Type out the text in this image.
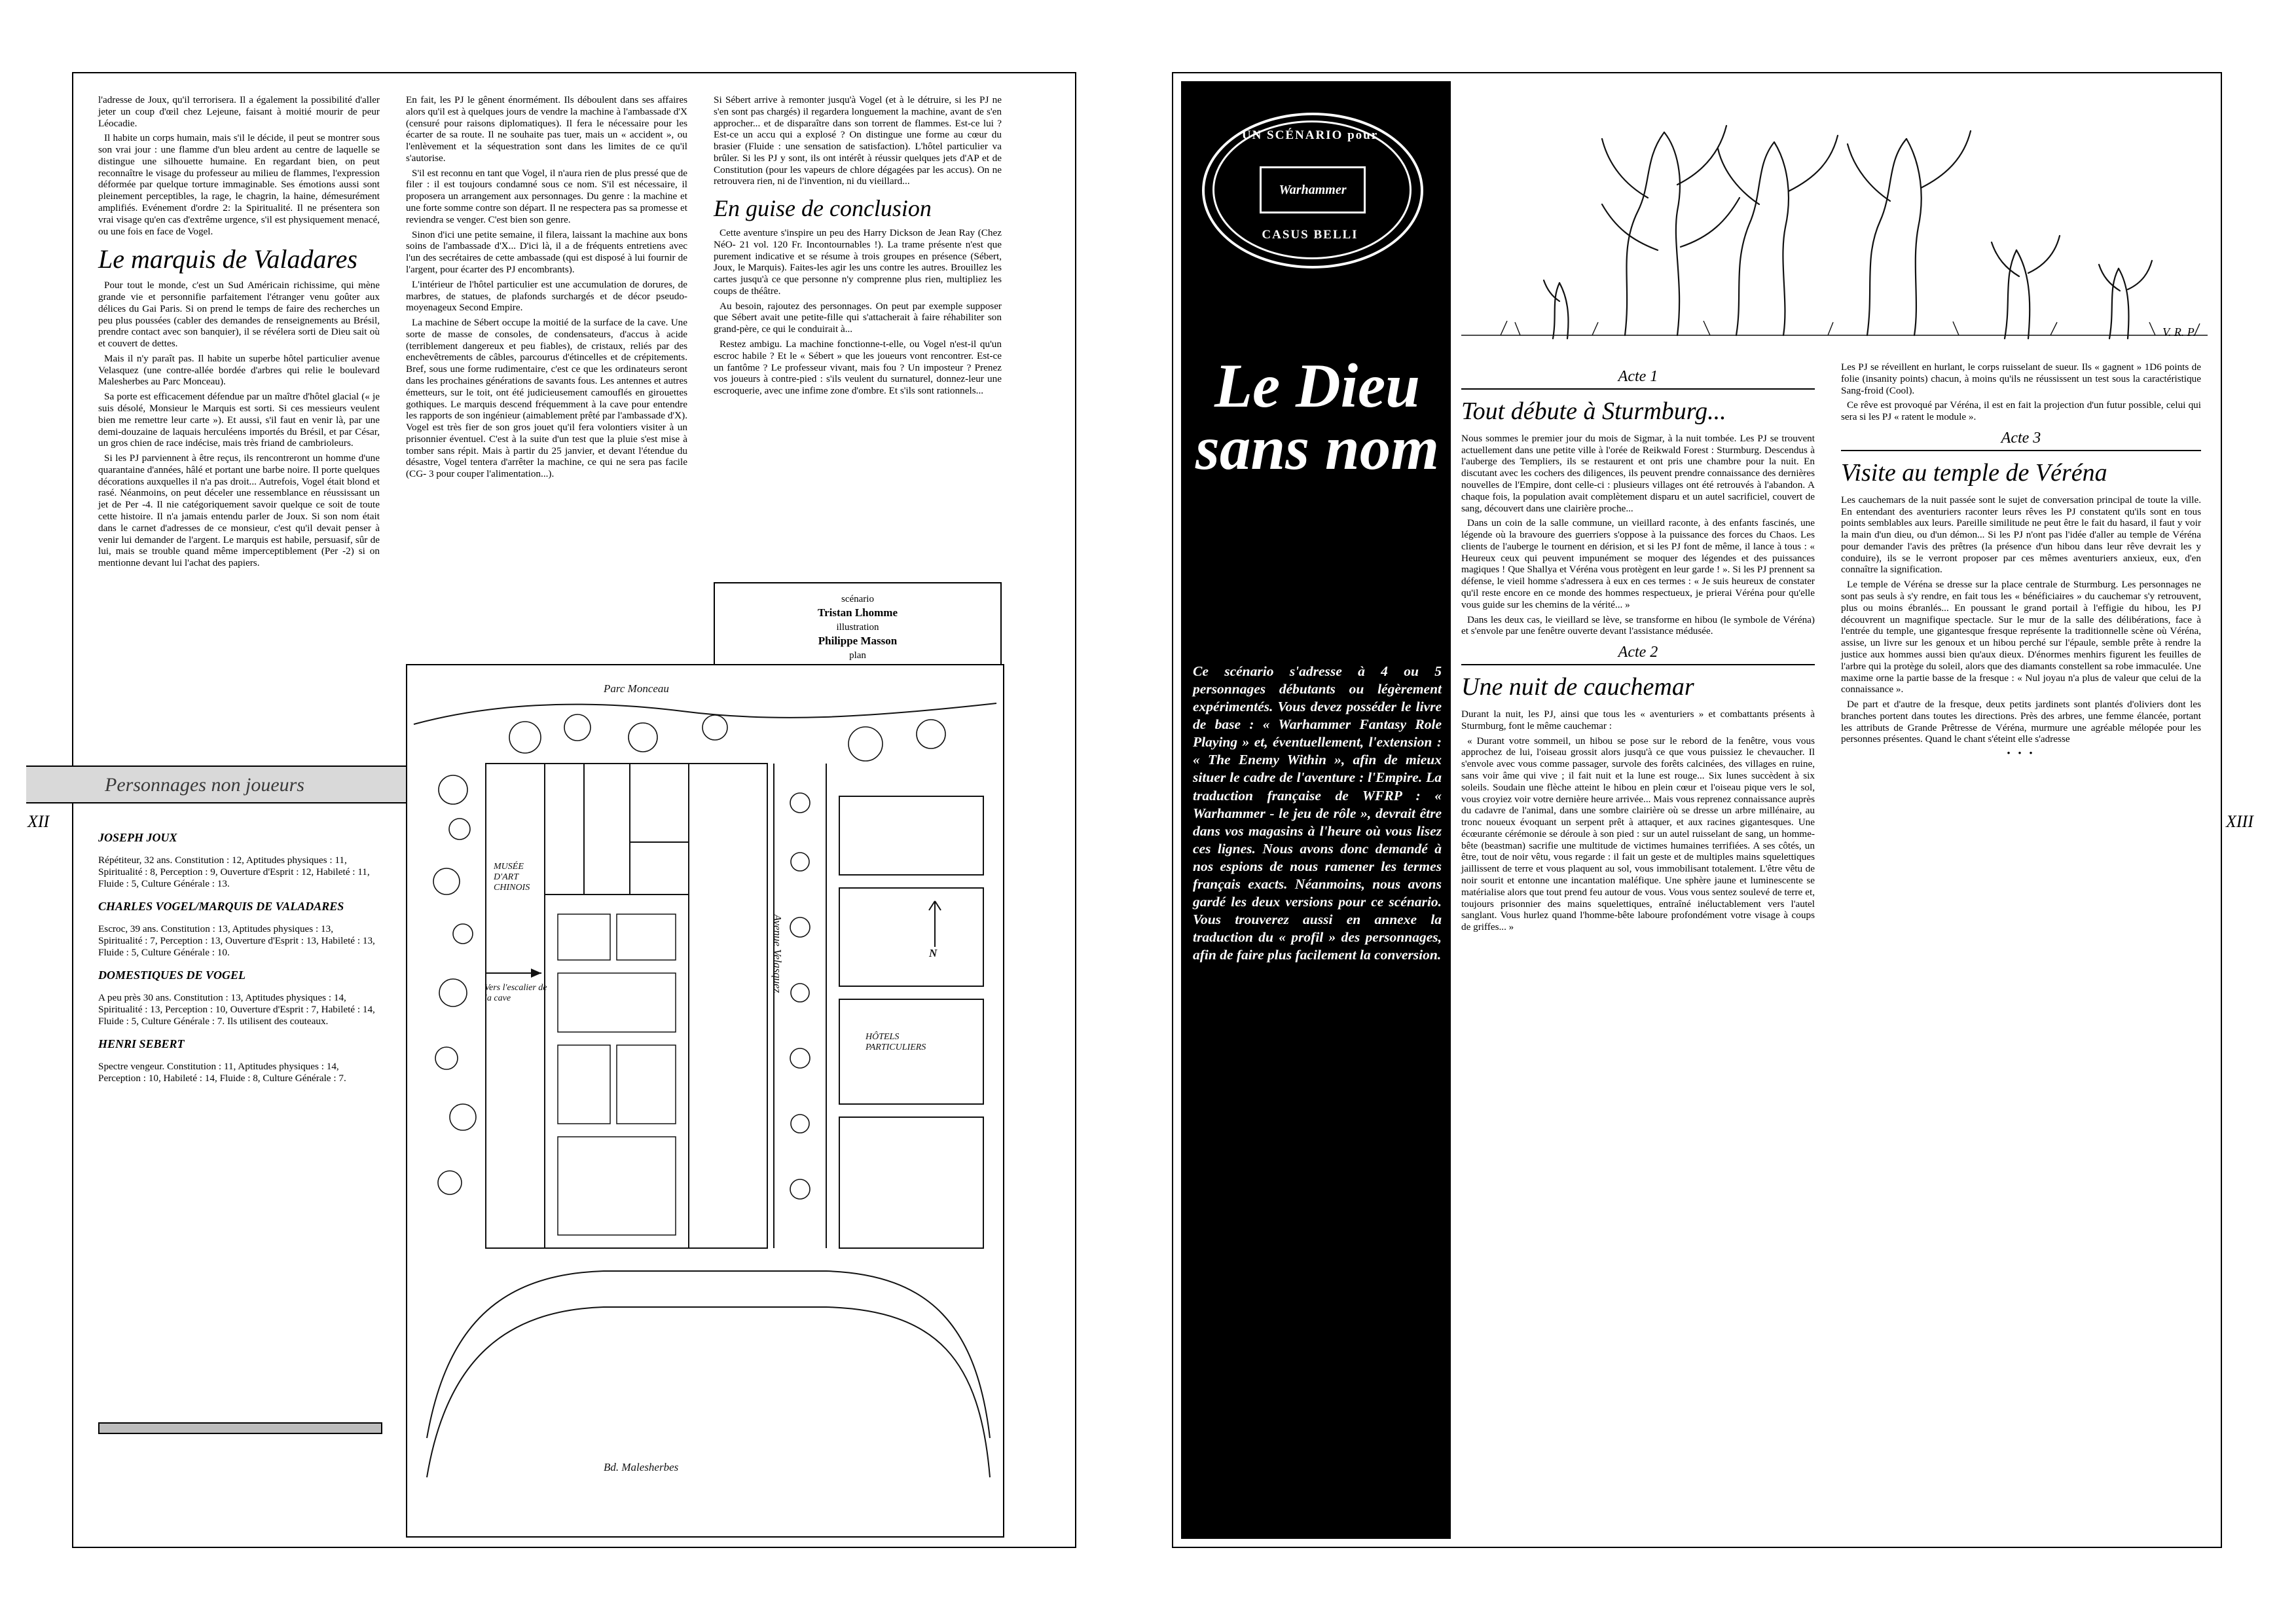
l'adresse de Joux, qu'il terrorisera. Il a également la possibilité d'aller jeter un coup d'œil chez Lejeune, faisant à moitié mourir de peur Léocadie.

Il habite un corps humain, mais s'il le décide, il peut se montrer sous son vrai jour : une flamme d'un bleu ardent au centre de laquelle se distingue une silhouette humaine. En regardant bien, on peut reconnaître le visage du professeur au milieu de flammes, l'expression déformée par quelque torture immaginable. Ses émotions aussi sont pleinement perceptibles, la rage, le chagrin, la haine, démesurément amplifiés. Evénement d'ordre 2: la Spiritualité. Il ne présentera son vrai visage qu'en cas d'extrême urgence, s'il est physiquement menacé, ou une fois en face de Vogel.

Le marquis de Valadares

Pour tout le monde, c'est un Sud Américain richissime, qui mène grande vie et personnifie parfaitement l'étranger venu goûter aux délices du Gai Paris. Si on prend le temps de faire des recherches un peu plus poussées (cabler des demandes de renseignements au Brésil, prendre contact avec son banquier), il se révélera sorti de Dieu sait où et couvert de dettes.

Mais il n'y paraît pas. Il habite un superbe hôtel particulier avenue Velasquez (une contre-allée bordée d'arbres qui relie le boulevard Malesherbes au Parc Monceau).

Sa porte est efficacement défendue par un maître d'hôtel glacial (« je suis désolé, Monsieur le Marquis est sorti. Si ces messieurs veulent bien me remettre leur carte »). Et aussi, s'il faut en venir là, par une demi-douzaine de laquais herculéens importés du Brésil, et par César, un gros chien de race indécise, mais très friand de cambrioleurs.

Si les PJ parviennent à être reçus, ils rencontreront un homme d'une quarantaine d'années, hâlé et portant une barbe noire. Il porte quelques décorations auxquelles il n'a pas droit... Autrefois, Vogel était blond et rasé. Néanmoins, on peut déceler une ressemblance en réussissant un jet de Per -4. Il nie catégoriquement savoir quelque ce soit de toute cette histoire. Il n'a jamais entendu parler de Joux. Si son nom était dans le carnet d'adresses de ce monsieur, c'est qu'il devait penser à venir lui demander de l'argent. Le marquis est habile, persuasif, sûr de lui, mais se trouble quand même imperceptiblement (Per -2) si on mentionne devant lui l'achat des papiers.

En fait, les PJ le gênent énormément. Ils déboulent dans ses affaires alors qu'il est à quelques jours de vendre la machine à l'ambassade d'X (censuré pour raisons diplomatiques). Il fera le nécessaire pour les écarter de sa route. Il ne souhaite pas tuer, mais un « accident », ou l'enlèvement et la séquestration sont dans les limites de ce qu'il s'autorise.

S'il est reconnu en tant que Vogel, il n'aura rien de plus pressé que de filer : il est toujours condamné sous ce nom. S'il est nécessaire, il proposera un arrangement aux personnages. Du genre : la machine et une forte somme contre son départ. Il ne respectera pas sa promesse et reviendra se venger. C'est bien son genre.

Sinon d'ici une petite semaine, il filera, laissant la machine aux bons soins de l'ambassade d'X... D'ici là, il a de fréquents entretiens avec l'un des secrétaires de cette ambassade (qui est disposé à lui fournir de l'argent, pour écarter des PJ encombrants).

L'intérieur de l'hôtel particulier est une accumulation de dorures, de marbres, de statues, de plafonds surchargés et de décor pseudo-moyenageux Second Empire.

La machine de Sébert occupe la moitié de la surface de la cave. Une sorte de masse de consoles, de condensateurs, d'accus à acide (terriblement dangereux et peu fiables), de cristaux, reliés par des enchevêtrements de câbles, parcourus d'étincelles et de crépitements. Bref, sous une forme rudimentaire, c'est ce que les ordinateurs seront dans les prochaines générations de savants fous. Les antennes et autres émetteurs, sur le toit, ont été judicieusement camouflés en girouettes gothiques. Le marquis descend fréquemment à la cave pour entendre les rapports de son ingénieur (aimablement prêté par l'ambassade d'X). Vogel est très fier de son gros jouet qu'il fera volontiers visiter à un prisonnier éventuel. C'est à la suite d'un test que la pluie s'est mise à tomber sans répit. Mais à partir du 25 janvier, et devant l'étendue du désastre, Vogel tentera d'arrêter la machine, ce qui ne sera pas facile (CG- 3 pour couper l'alimentation...).

Si Sébert arrive à remonter jusqu'à Vogel (et à le détruire, si les PJ ne s'en sont pas chargés) il regardera longuement la machine, avant de s'en approcher... et de disparaître dans son torrent de flammes. Est-ce lui ? Est-ce un accu qui a explosé ? On distingue une forme au cœur du brasier (Fluide : une sensation de satisfaction). L'hôtel particulier va brûler. Si les PJ y sont, ils ont intérêt à réussir quelques jets d'AP et de Constitution (pour les vapeurs de chlore dégagées par les accus). On ne retrouvera rien, ni de l'invention, ni du vieillard...

En guise de conclusion

Cette aventure s'inspire un peu des Harry Dickson de Jean Ray (Chez NéO- 21 vol. 120 Fr. Incontournables !). La trame présente n'est que purement indicative et se résume à trois groupes en présence (Sébert, Joux, le Marquis). Faites-les agir les uns contre les autres. Brouillez les cartes jusqu'à ce que personne n'y comprenne plus rien, multipliez les coups de théâtre.

Au besoin, rajoutez des personnages. On peut par exemple supposer que Sébert avait une petite-fille qui s'attacherait à faire réhabiliter son grand-père, ce qui le conduirait à...

Restez ambigu. La machine fonctionne-t-elle, ou Vogel n'est-il qu'un escroc habile ? Et le « Sébert » que les joueurs vont rencontrer. Est-ce un fantôme ? Le professeur vivant, mais fou ? Un imposteur ? Prenez vos joueurs à contre-pied : s'ils veulent du surnaturel, donnez-leur une escroquerie, avec une infime zone d'ombre. Et s'ils sont rationnels...

scénario
Tristan Lhomme
illustration
Philippe Masson
plan
Personnages non joueurs
JOSEPH JOUX

Répétiteur, 32 ans. Constitution : 12, Aptitudes physiques : 11, Spiritualité : 8, Perception : 9, Ouverture d'Esprit : 12, Habileté : 11, Fluide : 5, Culture Générale : 13.

CHARLES VOGEL/MARQUIS DE VALADARES

Escroc, 39 ans. Constitution : 13, Aptitudes physiques : 13, Spiritualité : 7, Perception : 13, Ouverture d'Esprit : 13, Habileté : 13, Fluide : 5, Culture Générale : 10.

DOMESTIQUES DE VOGEL

A peu près 30 ans. Constitution : 13, Aptitudes physiques : 14, Spiritualité : 13, Perception : 10, Ouverture d'Esprit : 7, Habileté : 14, Fluide : 5, Culture Générale : 7. Ils utilisent des couteaux.

HENRI SEBERT

Spectre vengeur. Constitution : 11, Aptitudes physiques : 14, Perception : 10, Habileté : 14, Fluide : 8, Culture Générale : 7.

Parc Monceau
MUSÉE D'ART CHINOIS
Vers l'escalier de la cave
Avenue Velasquez
HÔTELS PARTICULIERS
Bd. Malesherbes
N
XII
UN SCÉNARIO pour
CASUS BELLI
Warhammer
Le Dieu sans nom
Ce scénario s'adresse à 4 ou 5 personnages débutants ou légèrement expérimentés. Vous devez posséder le livre de base : « Warhammer Fantasy Role Playing » et, éventuellement, l'extension : « The Enemy Within », afin de mieux situer le cadre de l'aventure : l'Empire. La traduction française de WFRP : « Warhammer - le jeu de rôle », devrait être dans vos magasins à l'heure où vous lisez ces lignes. Nous avons donc demandé à nos espions de nous ramener les termes français exacts. Néanmoins, nous avons gardé les deux versions pour ce scénario. Vous trouverez aussi en annexe la traduction du « profil » des personnages, afin de faire plus facilement la conversion.
V. R. P.
Acte 1
Tout débute à Sturmburg...

Nous sommes le premier jour du mois de Sigmar, à la nuit tombée. Les PJ se trouvent actuellement dans une petite ville à l'orée de Reikwald Forest : Sturmburg. Descendus à l'auberge des Templiers, ils se restaurent et ont pris une chambre pour la nuit. En discutant avec les cochers des diligences, ils peuvent prendre connaissance des dernières nouvelles de l'Empire, dont celle-ci : plusieurs villages ont été retrouvés à l'abandon. A chaque fois, la population avait complètement disparu et un autel sacrificiel, couvert de sang, découvert dans une clairière proche...

Dans un coin de la salle commune, un vieillard raconte, à des enfants fascinés, une légende où la bravoure des guerriers s'oppose à la puissance des forces du Chaos. Les clients de l'auberge le tournent en dérision, et si les PJ font de même, il lance à tous : « Heureux ceux qui peuvent impunément se moquer des légendes et des puissances magiques ! Que Shallya et Véréna vous protègent en leur garde ! ». Si les PJ prennent sa défense, le vieil homme s'adressera à eux en ces termes : « Je suis heureux de constater qu'il reste encore en ce monde des hommes respectueux, je prierai Véréna pour qu'elle vous guide sur les chemins de la vérité... »

Dans les deux cas, le vieillard se lève, se transforme en hibou (le symbole de Véréna) et s'envole par une fenêtre ouverte devant l'assistance médusée.

Acte 2
Une nuit de cauchemar

Durant la nuit, les PJ, ainsi que tous les « aventuriers » et combattants présents à Sturmburg, font le même cauchemar :

« Durant votre sommeil, un hibou se pose sur le rebord de la fenêtre, vous vous approchez de lui, l'oiseau grossit alors jusqu'à ce que vous puissiez le chevaucher. Il s'envole avec vous comme passager, survole des forêts calcinées, des villages en ruine, sans voir âme qui vive ; il fait nuit et la lune est rouge... Six lunes succèdent à six soleils. Soudain une flèche atteint le hibou en plein cœur et l'oiseau pique vers le sol, vous croyiez voir votre dernière heure arrivée... Mais vous reprenez connaissance auprès du cadavre de l'animal, dans une sombre clairière où se dresse un arbre millénaire, au tronc noueux évoquant un serpent prêt à attaquer, et aux racines gigantesques. Une écœurante cérémonie se déroule à son pied : sur un autel ruisselant de sang, un homme-bête (beastman) sacrifie une multitude de victimes humaines terrifiées. A ses côtés, un être, tout de noir vêtu, vous regarde : il fait un geste et de multiples mains squelettiques jaillissent de terre et vous plaquent au sol, vous immobilisant totalement. L'être vêtu de noir sourit et entonne une incantation maléfique. Une sphère jaune et luminescente se matérialise alors que tout prend feu autour de vous. Vous vous sentez soulevé de terre et, toujours prisonnier des mains squelettiques, entraîné inéluctablement vers l'autel sanglant. Vous hurlez quand l'homme-bête laboure profondément votre visage à coups de griffes... »

Les PJ se réveillent en hurlant, le corps ruisselant de sueur. Ils « gagnent » 1D6 points de folie (insanity points) chacun, à moins qu'ils ne réussissent un test sous la caractéristique Sang-froid (Cool).

Ce rêve est provoqué par Véréna, il est en fait la projection d'un futur possible, celui qui sera si les PJ « ratent le module ».

Acte 3
Visite au temple de Véréna

Les cauchemars de la nuit passée sont le sujet de conversation principal de toute la ville. En entendant des aventuriers raconter leurs rêves les PJ constatent qu'ils sont en tous points semblables aux leurs. Pareille similitude ne peut être le fait du hasard, il faut y voir la main d'un dieu, ou d'un démon... Si les PJ n'ont pas l'idée d'aller au temple de Véréna pour demander l'avis des prêtres (la présence d'un hibou dans leur rêve devrait les y conduire), ils se le verront proposer par ces mêmes aventuriers anxieux, eux, d'en connaître la signification.

Le temple de Véréna se dresse sur la place centrale de Sturmburg. Les personnages ne sont pas seuls à s'y rendre, en fait tous les « bénéficiaires » du cauchemar s'y retrouvent, plus ou moins ébranlés... En poussant le grand portail à l'effigie du hibou, les PJ découvrent un magnifique spectacle. Sur le mur de la salle des délibérations, face à l'entrée du temple, une gigantesque fresque représente la traditionnelle scène où Véréna, assise, un livre sur les genoux et un hibou perché sur l'épaule, semble prête à rendre la justice aux hommes aussi bien qu'aux dieux. D'énormes menhirs figurent les feuilles de l'arbre qui la protège du soleil, alors que des diamants constellent sa robe immaculée. Une maxime orne la partie basse de la fresque : « Nul joyau n'a plus de valeur que celui de la connaissance ».

De part et d'autre de la fresque, deux petits jardinets sont plantés d'oliviers dont les branches portent dans toutes les directions. Près des arbres, une femme élancée, portant les attributs de Grande Prêtresse de Véréna, murmure une agréable mélopée pour les personnes présentes. Quand le chant s'éteint elle s'adresse

• • •
XIII
